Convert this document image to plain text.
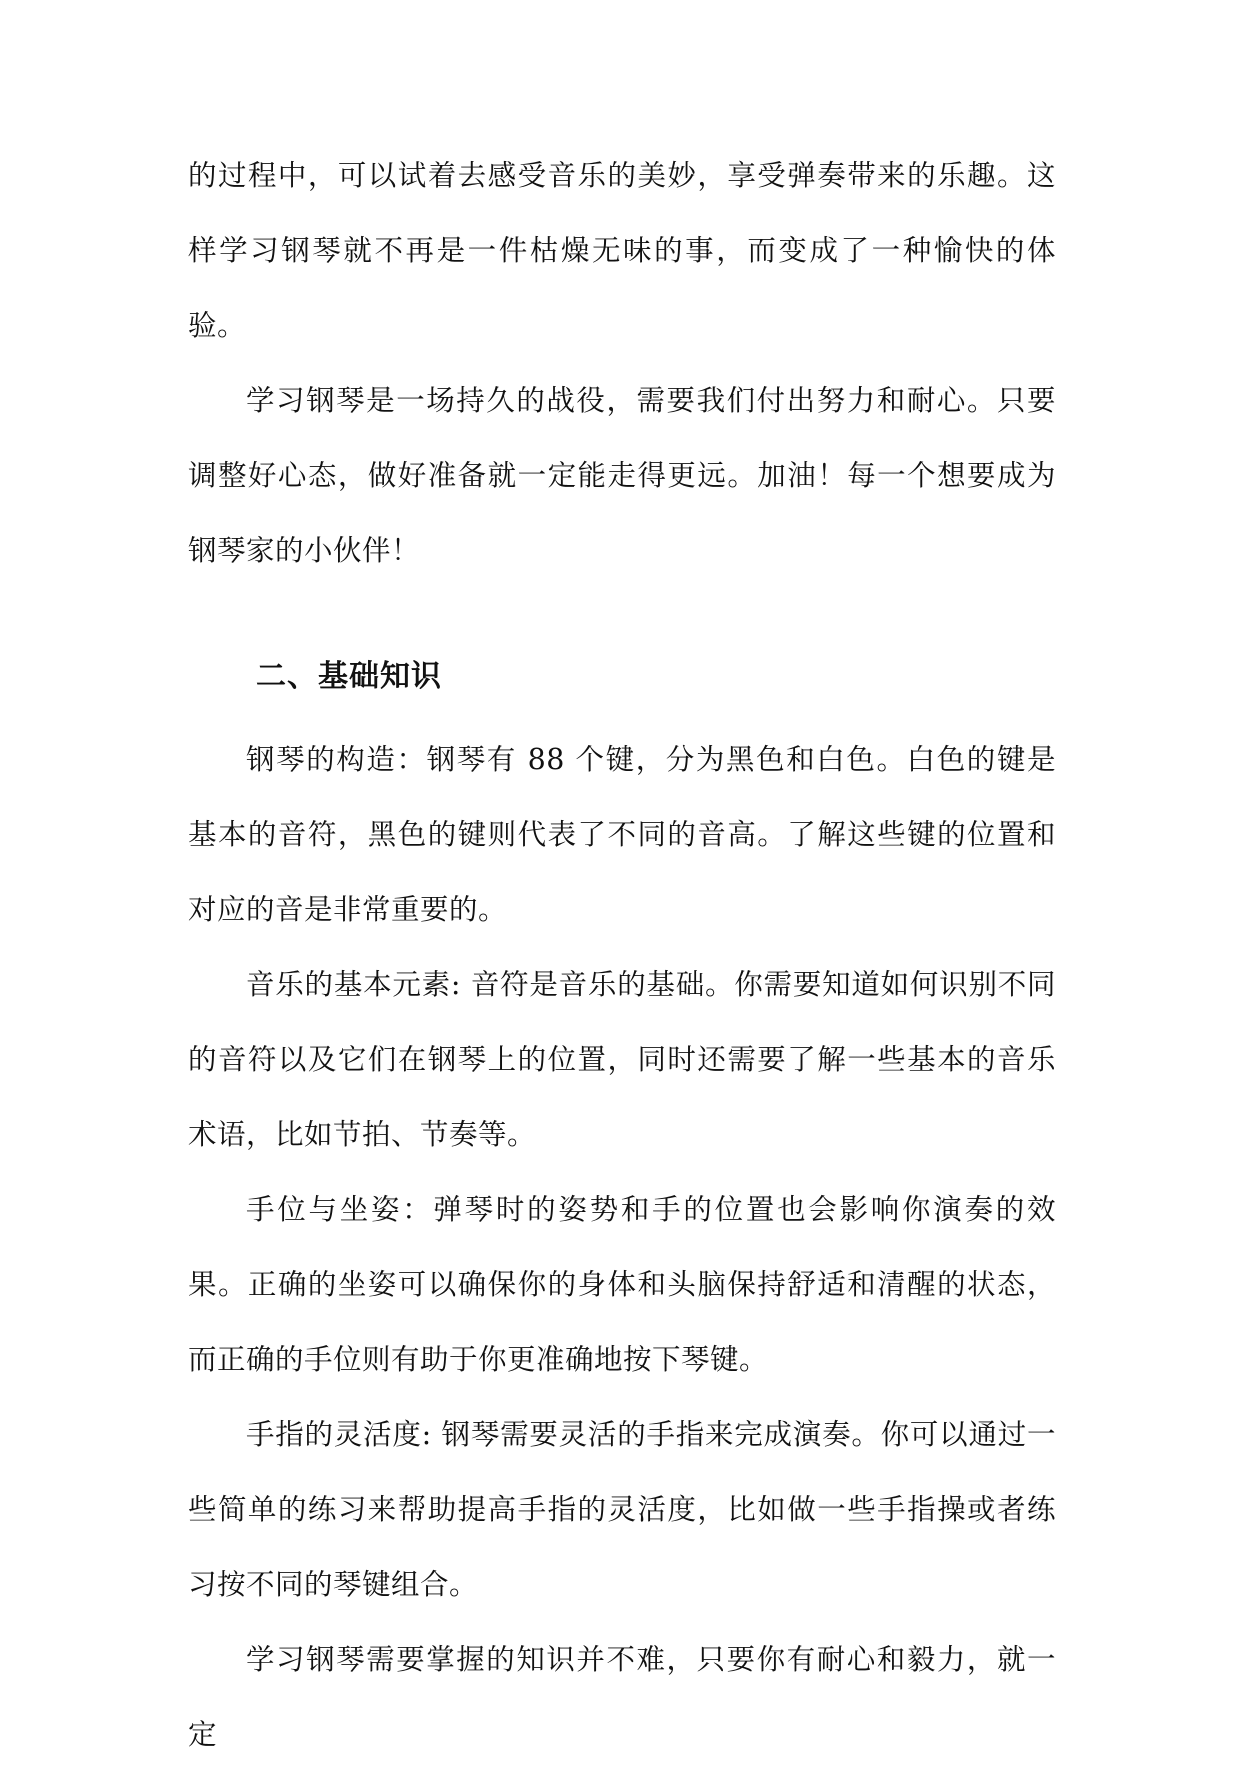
的过程中，可以试着去感受音乐的美妙，享受弹奏带来的乐趣。这样学习钢琴就不再是一件枯燥无味的事，而变成了一种愉快的体验。

学习钢琴是一场持久的战役，需要我们付出努力和耐心。只要调整好心态，做好准备就一定能走得更远。加油！每一个想要成为钢琴家的小伙伴！

二、基础知识

钢琴的构造：钢琴有 88 个键，分为黑色和白色。白色的键是基本的音符，黑色的键则代表了不同的音高。了解这些键的位置和对应的音是非常重要的。

音乐的基本元素: 音符是音乐的基础。你需要知道如何识别不同的音符以及它们在钢琴上的位置，同时还需要了解一些基本的音乐术语，比如节拍、节奏等。

手位与坐姿：弹琴时的姿势和手的位置也会影响你演奏的效果。正确的坐姿可以确保你的身体和头脑保持舒适和清醒的状态，而正确的手位则有助于你更准确地按下琴键。

手指的灵活度: 钢琴需要灵活的手指来完成演奏。你可以通过一些简单的练习来帮助提高手指的灵活度，比如做一些手指操或者练习按不同的琴键组合。

学习钢琴需要掌握的知识并不难，只要你有耐心和毅力，就一定
